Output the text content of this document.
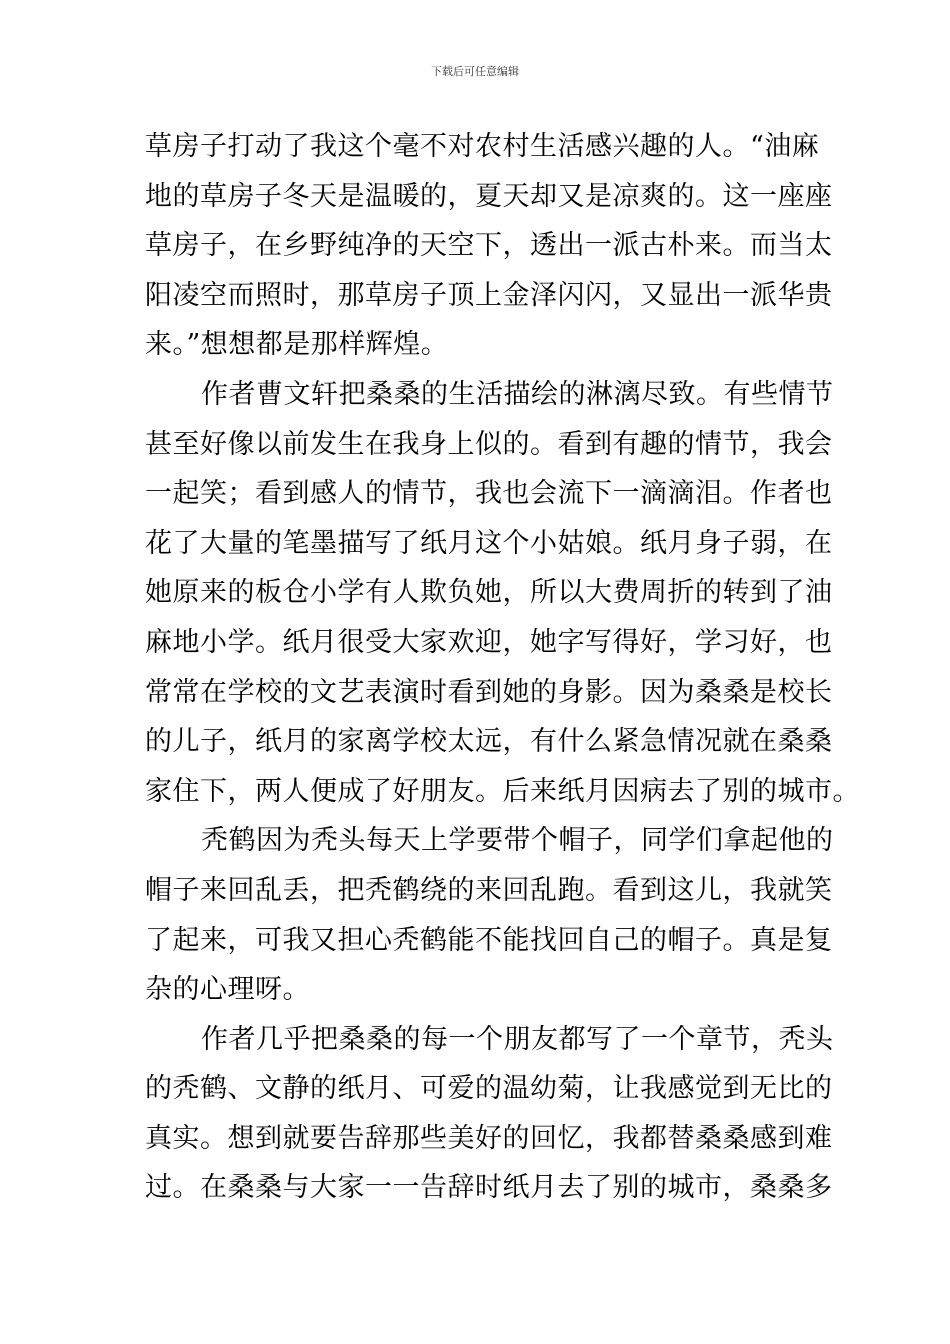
下载后可任意编辑
草房子打动了我这个毫不对农村生活感兴趣的人。“油麻
地的草房子冬天是温暖的，夏天却又是凉爽的。这一座座
草房子，在乡野纯净的天空下，透出一派古朴来。而当太
阳凌空而照时，那草房子顶上金泽闪闪，又显出一派华贵
来。”想想都是那样辉煌。
作者曹文轩把桑桑的生活描绘的淋漓尽致。有些情节
甚至好像以前发生在我身上似的。看到有趣的情节，我会
一起笑；看到感人的情节，我也会流下一滴滴泪。作者也
花了大量的笔墨描写了纸月这个小姑娘。纸月身子弱，在
她原来的板仓小学有人欺负她，所以大费周折的转到了油
麻地小学。纸月很受大家欢迎，她字写得好，学习好，也
常常在学校的文艺表演时看到她的身影。因为桑桑是校长
的儿子，纸月的家离学校太远，有什么紧急情况就在桑桑
家住下，两人便成了好朋友。后来纸月因病去了别的城市。
秃鹤因为秃头每天上学要带个帽子，同学们拿起他的
帽子来回乱丢，把秃鹤绕的来回乱跑。看到这儿，我就笑
了起来，可我又担心秃鹤能不能找回自己的帽子。真是复
杂的心理呀。
作者几乎把桑桑的每一个朋友都写了一个章节，秃头
的秃鹤、文静的纸月、可爱的温幼菊，让我感觉到无比的
真实。想到就要告辞那些美好的回忆，我都替桑桑感到难
过。在桑桑与大家一一告辞时纸月去了别的城市，桑桑多
